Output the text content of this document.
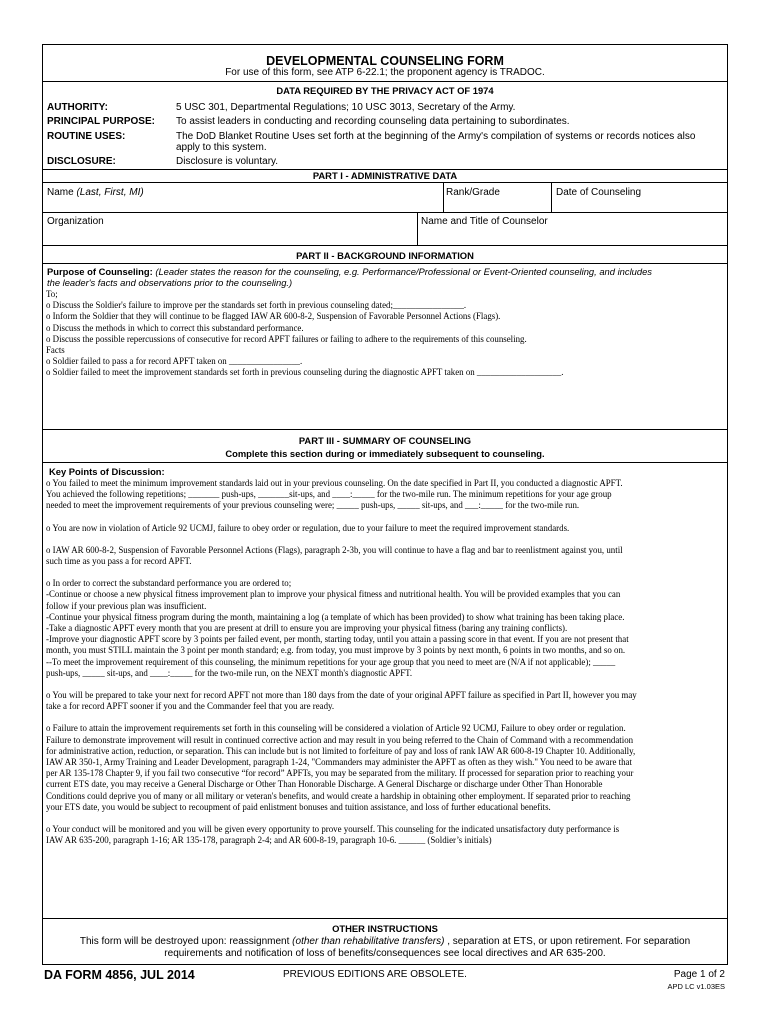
DEVELOPMENTAL COUNSELING FORM
For use of this form, see ATP 6-22.1; the proponent agency is TRADOC.
DATA REQUIRED BY THE PRIVACY ACT OF 1974
AUTHORITY:	5 USC 301, Departmental Regulations; 10 USC 3013, Secretary of the Army.
PRINCIPAL PURPOSE: To assist leaders in conducting and recording counseling data pertaining to subordinates.
ROUTINE USES:	The DoD Blanket Routine Uses set forth at the beginning of the Army's compilation of systems or records notices also
apply to this system.
DISCLOSURE:	Disclosure is voluntary.
PART I - ADMINISTRATIVE DATA
Name (Last, First, MI)	Rank/Grade	Date of Counseling
Organization	Name and Title of Counselor
PART II - BACKGROUND INFORMATION
Purpose of Counseling: (Leader states the reason for the counseling, e.g. Performance/Professional or Event-Oriented counseling, and includes
the leader's facts and observations prior to the counseling.)
To;
o Discuss the Soldier's failure to improve per the standards set forth in previous counseling dated;________________.
o Inform the Soldier that they will continue to be flagged IAW AR 600-8-2, Suspension of Favorable Personnel Actions (Flags).
o Discuss the methods in which to correct this substandard performance.
o Discuss the possible repercussions of consecutive for record APFT failures or failing to adhere to the requirements of this counseling.
Facts
o Soldier failed to pass a for record APFT taken on ________________.
o Soldier failed to meet the improvement standards set forth in previous counseling during the diagnostic APFT taken on ___________________.
PART III - SUMMARY OF COUNSELING
Complete this section during or immediately subsequent to counseling.
Key Points of Discussion:
o You failed to meet the minimum improvement standards laid out in your previous counseling. On the date specified in Part II, you conducted a diagnostic APFT.
You achieved the following repetitions; _______ push-ups, _______sit-ups, and ____:_____ for the two-mile run. The minimum repetitions for your age group
needed to meet the improvement requirements of your previous counseling were; _____ push-ups, _____ sit-ups, and ___:_____ for the two-mile run.
o You are now in violation of Article 92 UCMJ, failure to obey order or regulation, due to your failure to meet the required improvement standards.
o IAW AR 600-8-2, Suspension of Favorable Personnel Actions (Flags), paragraph 2-3b, you will continue to have a flag and bar to reenlistment against you, until
such time as you pass a for record APFT.
o In order to correct the substandard performance you are ordered to;
-Continue or choose a new physical fitness improvement plan to improve your physical fitness and nutritional health. You will be provided examples that you can
follow if your previous plan was insufficient.
-Continue your physical fitness program during the month, maintaining a log (a template of which has been provided) to show what training has been taking place.
-Take a diagnostic APFT every month that you are present at drill to ensure you are improving your physical fitness (baring any training conflicts).
-Improve your diagnostic APFT score by 3 points per failed event, per month, starting today, until you attain a passing score in that event. If you are not present that
month, you must STILL maintain the 3 point per month standard; e.g. from today, you must improve by 3 points by next month, 6 points in two months, and so on.
--To meet the improvement requirement of this counseling, the minimum repetitions for your age group that you need to meet are (N/A if not applicable); _____
push-ups, _____ sit-ups, and ____:_____ for the two-mile run, on the NEXT month's diagnostic APFT.
o You will be prepared to take your next for record APFT not more than 180 days from the date of your original APFT failure as specified in Part II, however you may
take a for record APFT sooner if you and the Commander feel that you are ready.
o Failure to attain the improvement requirements set forth in this counseling will be considered a violation of Article 92 UCMJ, Failure to obey order or regulation.
Failure to demonstrate improvement will result in continued corrective action and may result in you being referred to the Chain of Command with a recommendation
for administrative action, reduction, or separation. This can include but is not limited to forfeiture of pay and loss of rank IAW AR 600-8-19 Chapter 10. Additionally,
IAW AR 350-1, Army Training and Leader Development, paragraph 1-24, "Commanders may administer the APFT as often as they wish." You need to be aware that
per AR 135-178 Chapter 9, if you fail two consecutive “for record” APFTs, you may be separated from the military. If processed for separation prior to reaching your
current ETS date, you may receive a General Discharge or Other Than Honorable Discharge. A General Discharge or discharge under Other Than Honorable
Conditions could deprive you of many or all military or veteran's benefits, and would create a hardship in obtaining other employment. If separated prior to reaching
your ETS date, you would be subject to recoupment of paid enlistment bonuses and tuition assistance, and loss of further educational benefits.
o Your conduct will be monitored and you will be given every opportunity to prove yourself. This counseling for the indicated unsatisfactory duty performance is
IAW AR 635-200, paragraph 1-16; AR 135-178, paragraph 2-4; and AR 600-8-19, paragraph 10-6. ______ (Soldier’s initials)
OTHER INSTRUCTIONS
This form will be destroyed upon: reassignment (other than rehabilitative transfers) , separation at ETS, or upon retirement. For separation
requirements and notification of loss of benefits/consequences see local directives and AR 635-200.
DA FORM 4856, JUL 2014	PREVIOUS EDITIONS ARE OBSOLETE.	Page 1 of 2
APD LC v1.03ES
